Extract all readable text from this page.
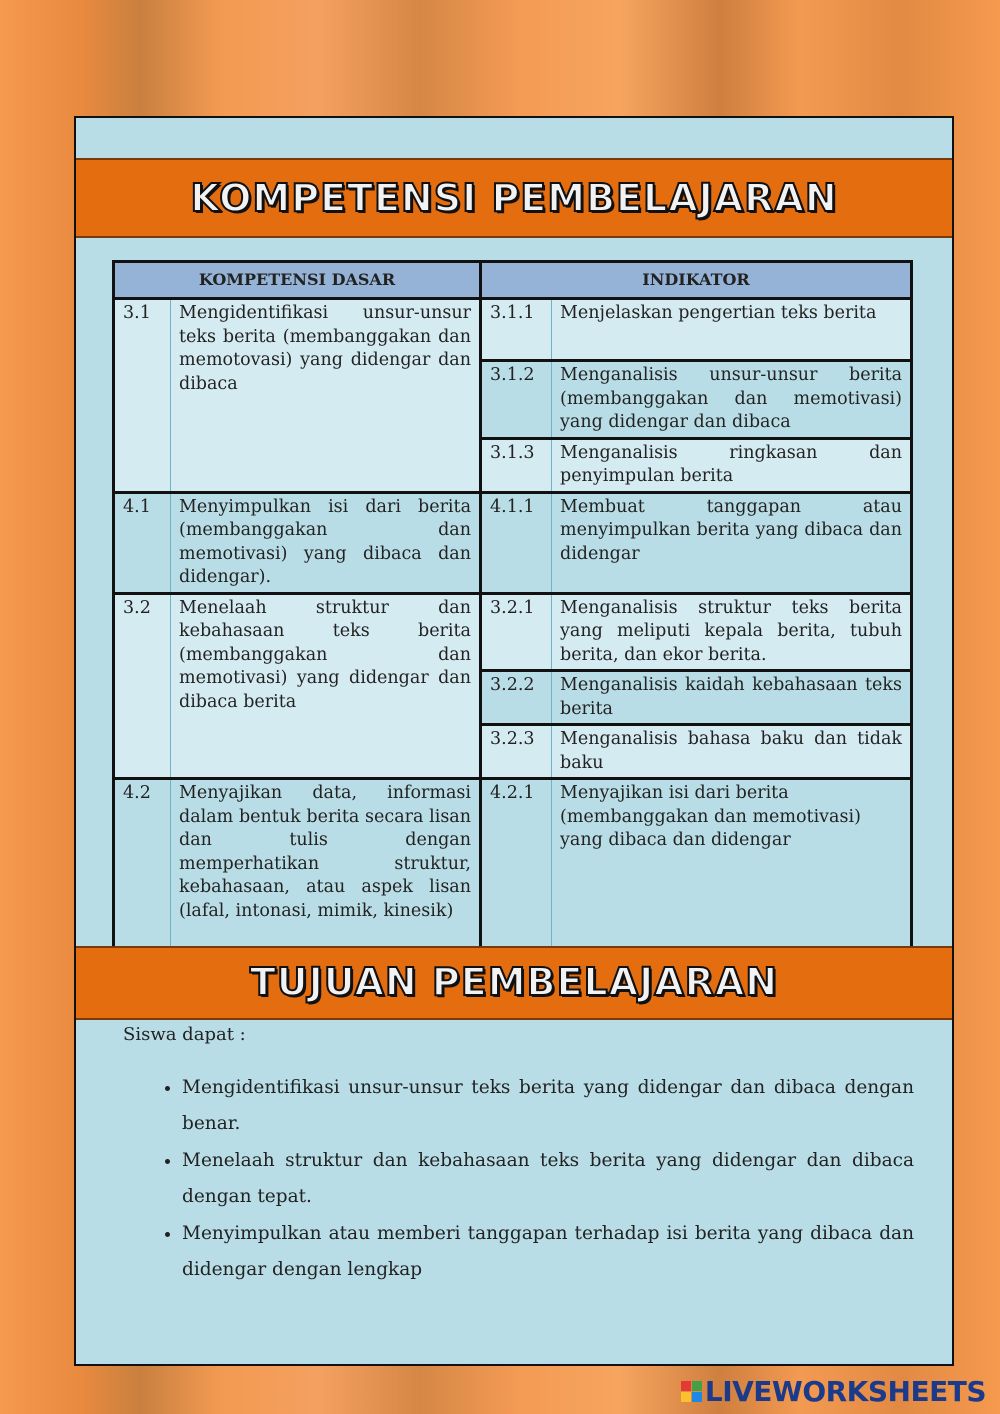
KOMPETENSI PEMBELAJARAN
KOMPETENSI DASAR		INDIKATOR	
3.1	Mengidentifikasi unsur-unsur teks berita (membanggakan dan memotovasi) yang didengar dan dibaca	3.1.1	Menjelaskan pengertian teks berita
		3.1.2	Menganalisis unsur-unsur berita (membanggakan dan memotivasi) yang didengar dan dibaca
		3.1.3	Menganalisis ringkasan dan penyimpulan berita
4.1	Menyimpulkan isi dari berita (membanggakan dan memotivasi) yang dibaca dan didengar).	4.1.1	Membuat tanggapan atau menyimpulkan berita yang dibaca dan didengar
3.2	Menelaah struktur dan kebahasaan teks berita (membanggakan dan memotivasi) yang didengar dan dibaca berita	3.2.1	Menganalisis struktur teks berita yang meliputi kepala berita, tubuh berita, dan ekor berita.
		3.2.2	Menganalisis kaidah kebahasaan teks berita
		3.2.3	Menganalisis bahasa baku dan tidak baku
4.2	Menyajikan data, informasi dalam bentuk berita secara lisan dan tulis dengan memperhatikan struktur, kebahasaan, atau aspek lisan (lafal, intonasi, mimik, kinesik)	4.2.1	Menyajikan isi dari berita (membanggakan dan memotivasi) yang dibaca dan didengar
TUJUAN PEMBELAJARAN
Siswa dapat :
• Mengidentifikasi unsur-unsur teks berita yang didengar dan dibaca dengan benar.
• Menelaah struktur dan kebahasaan teks berita yang didengar dan dibaca dengan tepat.
• Menyimpulkan atau memberi tanggapan terhadap isi berita yang dibaca dan didengar dengan lengkap
LIVEWORKSHEETS
